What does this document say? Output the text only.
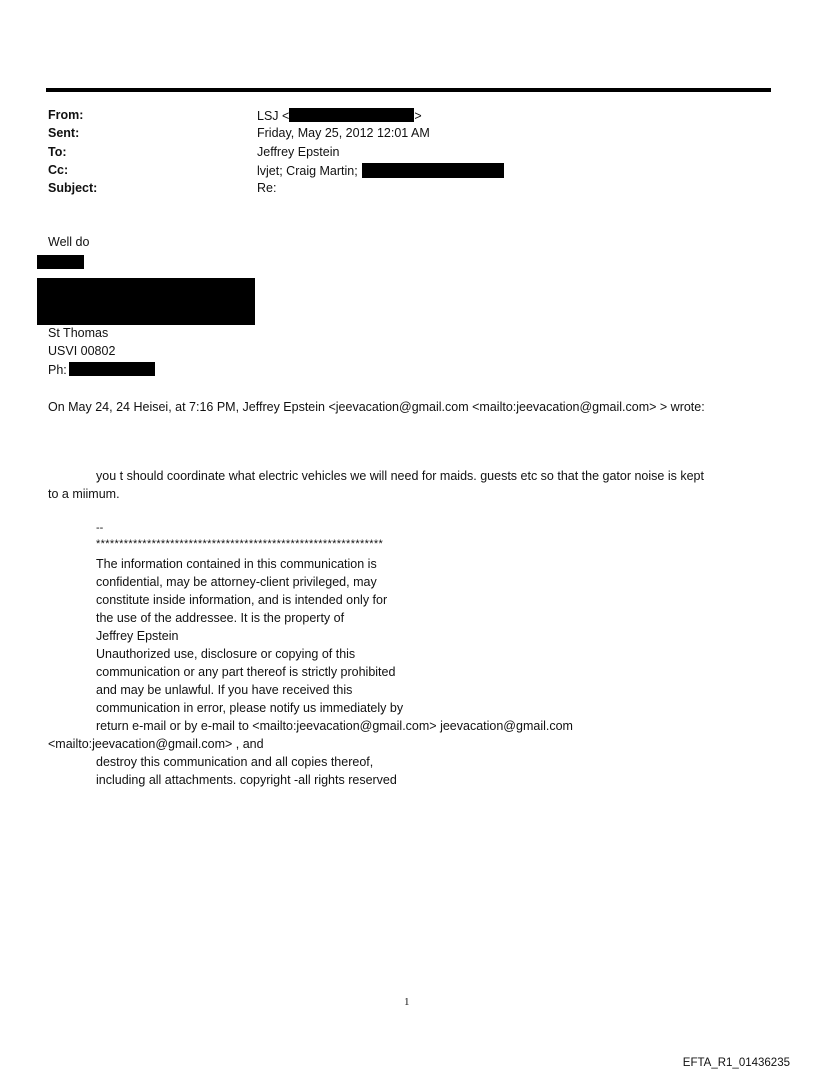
From:
Sent:
To:
Cc:
Subject:
LSJ <	>
Friday, May 25, 2012 12:01 AM
Jeffrey Epstein
lvjet; Craig Martin;
Re:
Well do
St Thomas
USVI 00802
Ph:
On May 24, 24 Heisei, at 7:16 PM, Jeffrey Epstein <jeevacation@gmail.com <mailto:jeevacation@gmail.com> > wrote:
you t should coordinate what electric vehicles we will need for maids. guests etc so that the gator noise is kept
to a miimum.
--
**************************************************************
The information contained in this communication is
confidential, may be attorney-client privileged, may
constitute inside information, and is intended only for
the use of the addressee. It is the property of
Jeffrey Epstein
Unauthorized use, disclosure or copying of this
communication or any part thereof is strictly prohibited
and may be unlawful. If you have received this
communication in error, please notify us immediately by
return e-mail or by e-mail to <mailto:jeevacation@gmail.com> jeevacation@gmail.com
<mailto:jeevacation@gmail.com> , and
destroy this communication and all copies thereof,
including all attachments. copyright -all rights reserved
1
EFTA_R1_01436235
